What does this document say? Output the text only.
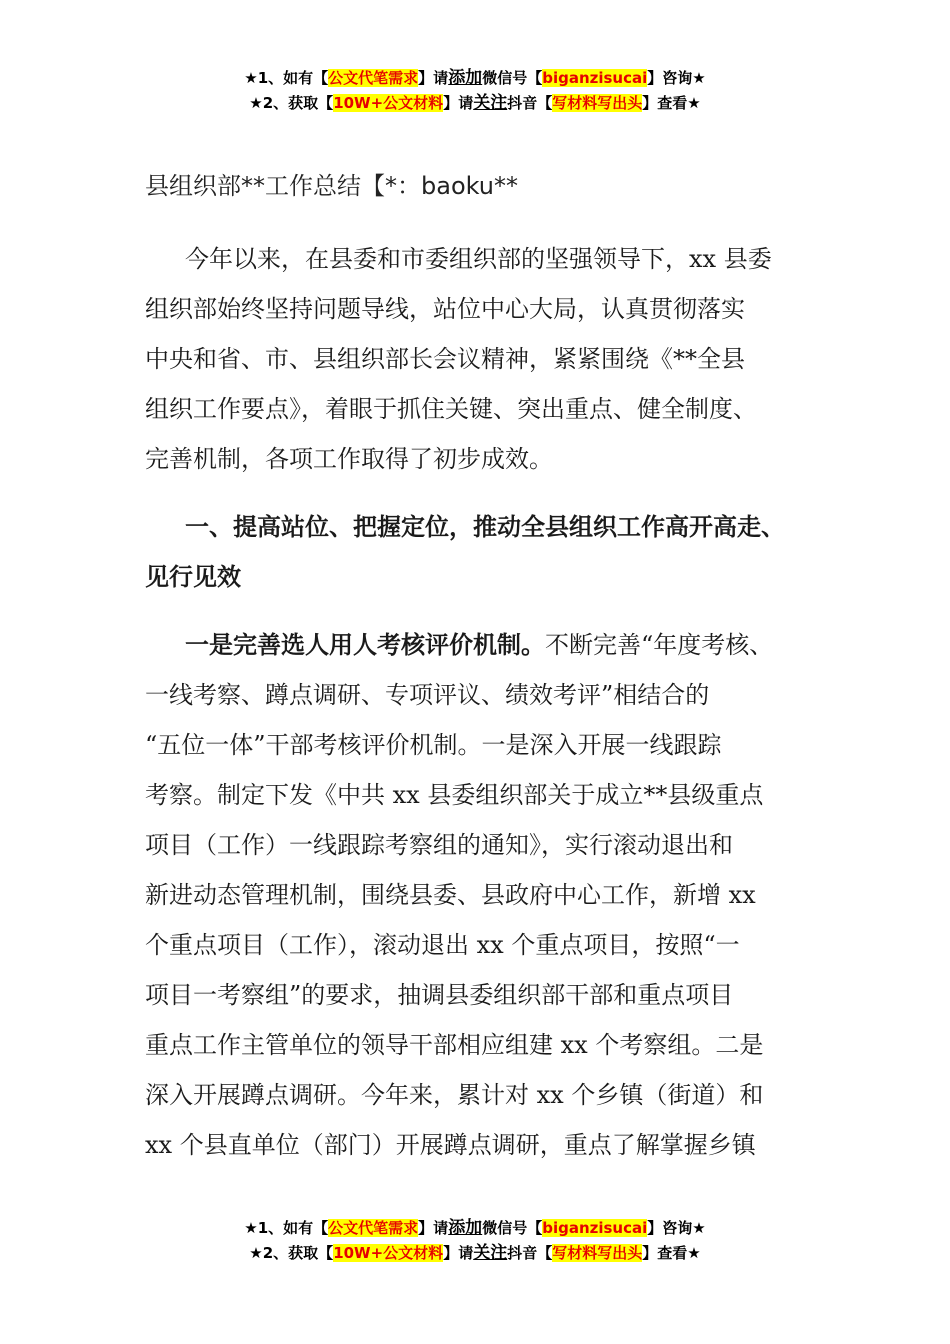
★1、如有【公文代笔需求】请添加微信号【biganzisucai】咨询★
★2、获取【10W+公文材料】请关注抖音【写材料写出头】查看★
县组织部**工作总结【*：baoku**
今年以来，在县委和市委组织部的坚强领导下，xx 县委
组织部始终坚持问题导线，站位中心大局，认真贯彻落实
中央和省、市、县组织部长会议精神，紧紧围绕《**全县
组织工作要点》，着眼于抓住关键、突出重点、健全制度、
完善机制，各项工作取得了初步成效。
一、提高站位、把握定位，推动全县组织工作高开高走、
见行见效
一是完善选人用人考核评价机制。不断完善“年度考核、
一线考察、蹲点调研、专项评议、绩效考评”相结合的
“五位一体”干部考核评价机制。一是深入开展一线跟踪
考察。制定下发《中共 xx 县委组织部关于成立**县级重点
项目（工作）一线跟踪考察组的通知》，实行滚动退出和
新进动态管理机制，围绕县委、县政府中心工作，新增 xx
个重点项目（工作），滚动退出 xx 个重点项目，按照“一
项目一考察组”的要求，抽调县委组织部干部和重点项目
重点工作主管单位的领导干部相应组建 xx 个考察组。二是
深入开展蹲点调研。今年来，累计对 xx 个乡镇（街道）和
xx 个县直单位（部门）开展蹲点调研，重点了解掌握乡镇
★1、如有【公文代笔需求】请添加微信号【biganzisucai】咨询★
★2、获取【10W+公文材料】请关注抖音【写材料写出头】查看★
